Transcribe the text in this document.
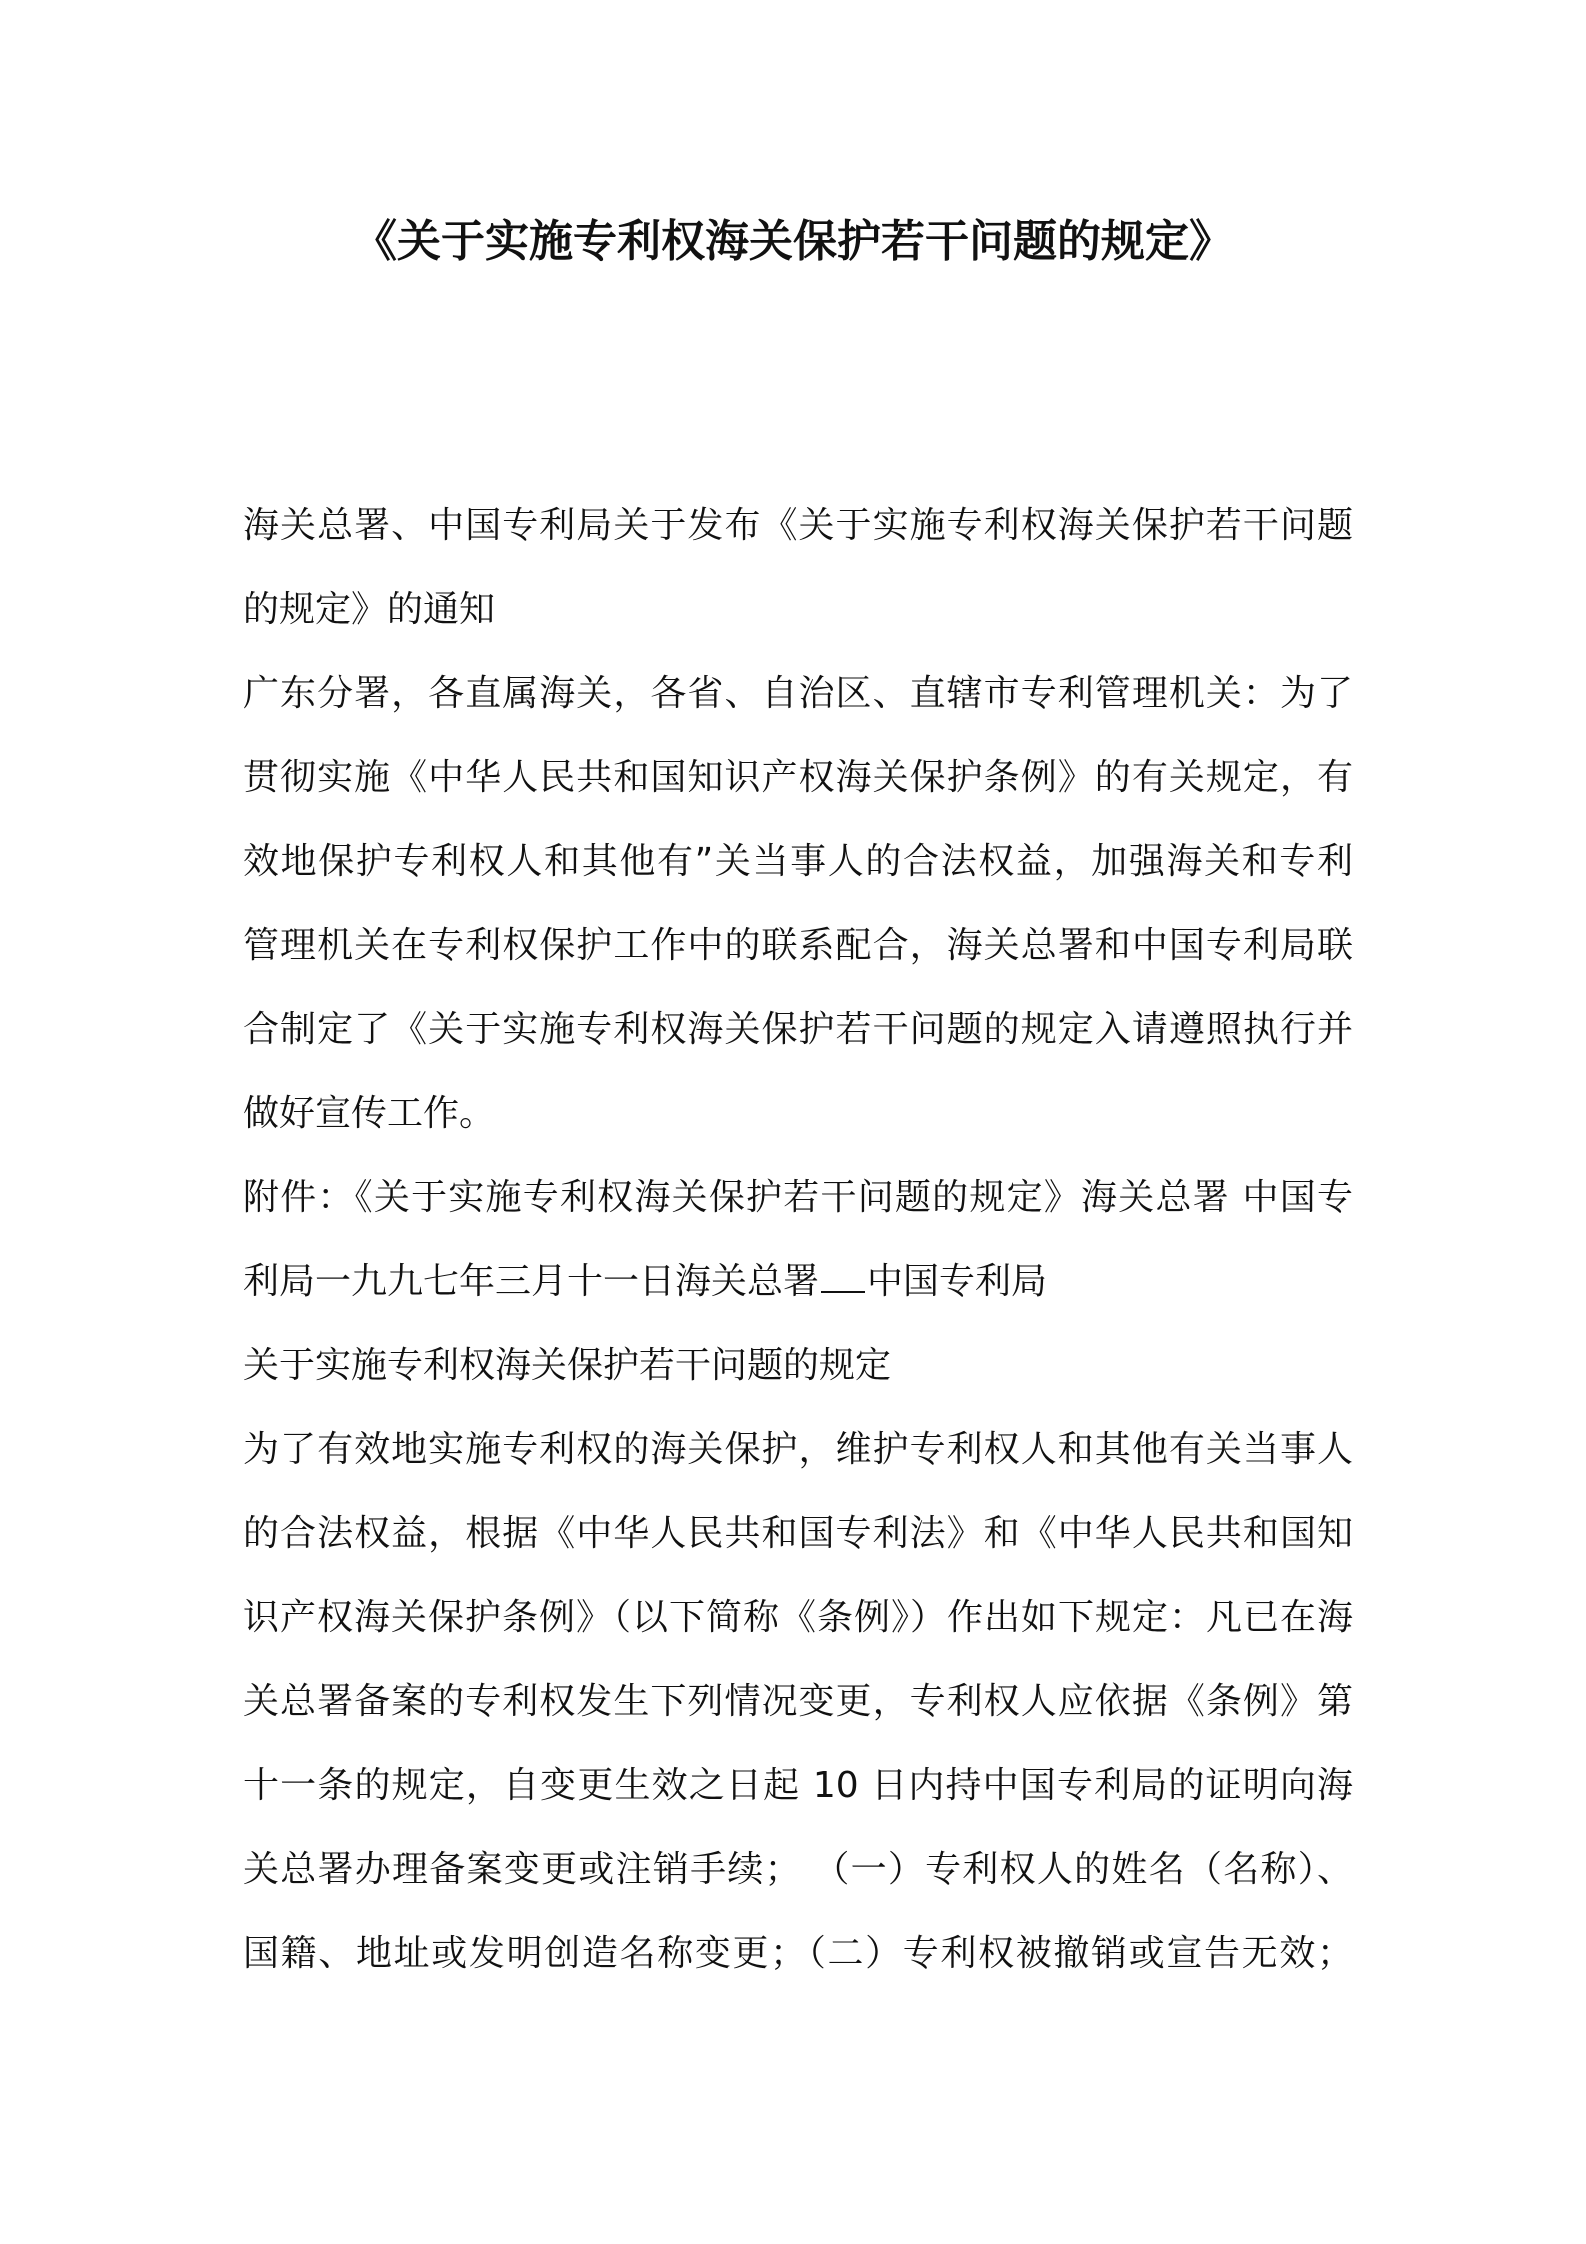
《关于实施专利权海关保护若干问题的规定》
海关总署、中国专利局关于发布《关于实施专利权海关保护若干问题
的规定》的通知
广东分署，各直属海关，各省、自治区、直辖市专利管理机关：为了
贯彻实施《中华人民共和国知识产权海关保护条例》的有关规定，有
效地保护专利权人和其他有”关当事人的合法权益，加强海关和专利
管理机关在专利权保护工作中的联系配合，海关总署和中国专利局联
合制定了《关于实施专利权海关保护若干问题的规定入请遵照执行并
做好宣传工作。
附件：《关于实施专利权海关保护若干问题的规定》海关总署 中国专
利局一九九七年三月十一日海关总署 中国专利局
关于实施专利权海关保护若干问题的规定
为了有效地实施专利权的海关保护，维护专利权人和其他有关当事人
的合法权益，根据《中华人民共和国专利法》和《中华人民共和国知
识产权海关保护条例》（以下简称《条例》）作出如下规定：凡已在海
关总署备案的专利权发生下列情况变更，专利权人应依据《条例》第
十一条的规定，自变更生效之日起 10 日内持中国专利局的证明向海
关总署办理备案变更或注销手续； （一）专利权人的姓名（名称）、
国籍、地址或发明创造名称变更；（二）专利权被撤销或宣告无效；
